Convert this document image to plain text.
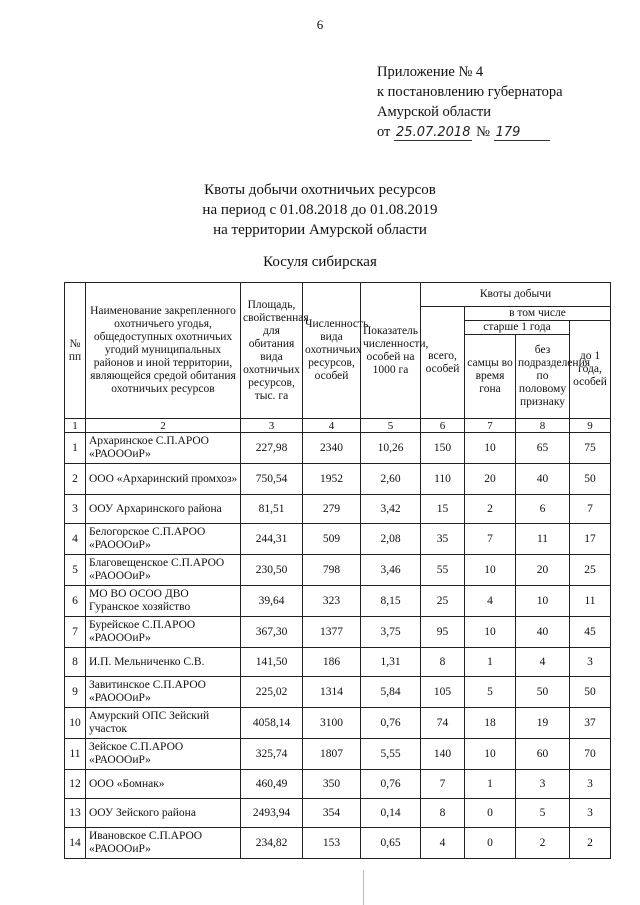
6
Приложение № 4
к постановлению губернатора
Амурской области
от 25.07.2018 № 179
Квоты добычи охотничьих ресурсов
на период с 01.08.2018 до 01.08.2019
на территории Амурской области
Косуля сибирская
№ пп	Наименование закрепленного охотничьего угодья, общедоступных охотничьих угодий муниципальных районов и иной территории, являющейся средой обитания охотничьих ресурсов	Площадь, свойственная для обитания вида охотничьих ресурсов, тыс. га	Численность вида охотничьих ресурсов, особей	Показатель численности, особей на 1000 га	Квоты добычи			
					всего, особей	в том числе		
						старше 1 года		до 1 года, особей
						самцы во время гона	без подразделения по половому признаку	
1	2	3	4	5	6	7	8	9
1	Архаринское С.П.АРОО «РАОООиР»	227,98	2340	10,26	150	10	65	75
2	ООО «Архаринский промхоз»	750,54	1952	2,60	110	20	40	50
3	ООУ Архаринского района	81,51	279	3,42	15	2	6	7
4	Белогорское С.П.АРОО «РАОООиР»	244,31	509	2,08	35	7	11	17
5	Благовещенское С.П.АРОО «РАОООиР»	230,50	798	3,46	55	10	20	25
6	МО ВО ОСОО ДВО Гуранское хозяйство	39,64	323	8,15	25	4	10	11
7	Бурейское С.П.АРОО «РАОООиР»	367,30	1377	3,75	95	10	40	45
8	И.П. Мельниченко С.В.	141,50	186	1,31	8	1	4	3
9	Завитинское С.П.АРОО «РАОООиР»	225,02	1314	5,84	105	5	50	50
10	Амурский ОПС Зейский участок	4058,14	3100	0,76	74	18	19	37
11	Зейское С.П.АРОО «РАОООиР»	325,74	1807	5,55	140	10	60	70
12	ООО «Бомнак»	460,49	350	0,76	7	1	3	3
13	ООУ Зейского района	2493,94	354	0,14	8	0	5	3
14	Ивановское С.П.АРОО «РАОООиР»	234,82	153	0,65	4	0	2	2
